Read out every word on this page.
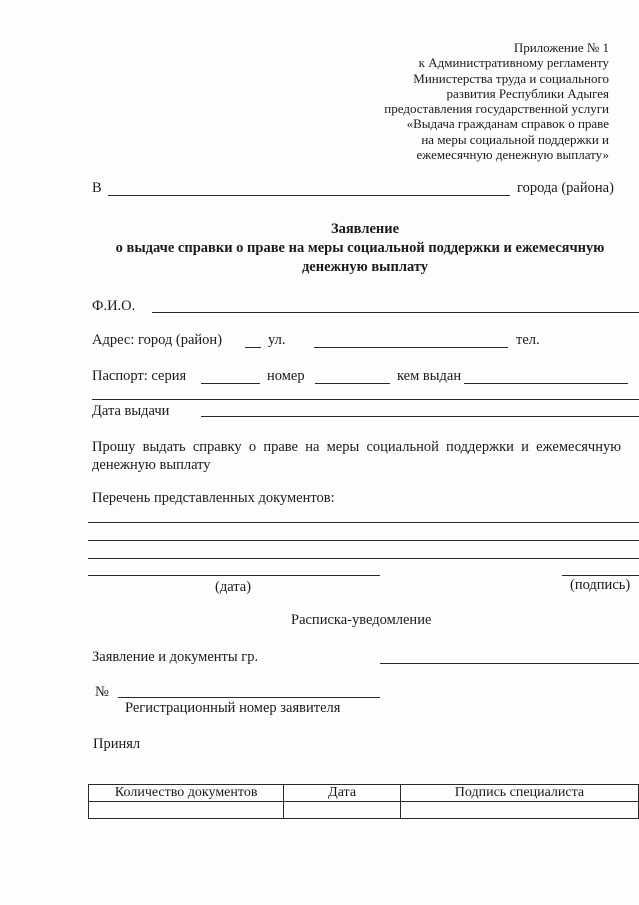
Приложение № 1
к Административному регламенту
Министерства труда и социального
развития Республики Адыгея
предоставления государственной услуги
«Выдача гражданам справок о праве
на меры социальной поддержки и
ежемесячную денежную выплату»
В	города (района)
Заявление
о выдаче справки о праве на меры социальной поддержки и ежемесячную
денежную выплату
Ф.И.О.
Адрес: город (район)	ул.	тел.
Паспорт: серия	номер	кем выдан
Дата выдачи
Прошу выдать справку о праве на меры социальной поддержки и ежемесячную
денежную выплату
Перечень представленных документов:
(дата)	(подпись)
Расписка-уведомление
Заявление и документы гр.
№
Регистрационный номер заявителя
Принял
Количество документов	Дата	Подпись специалиста
